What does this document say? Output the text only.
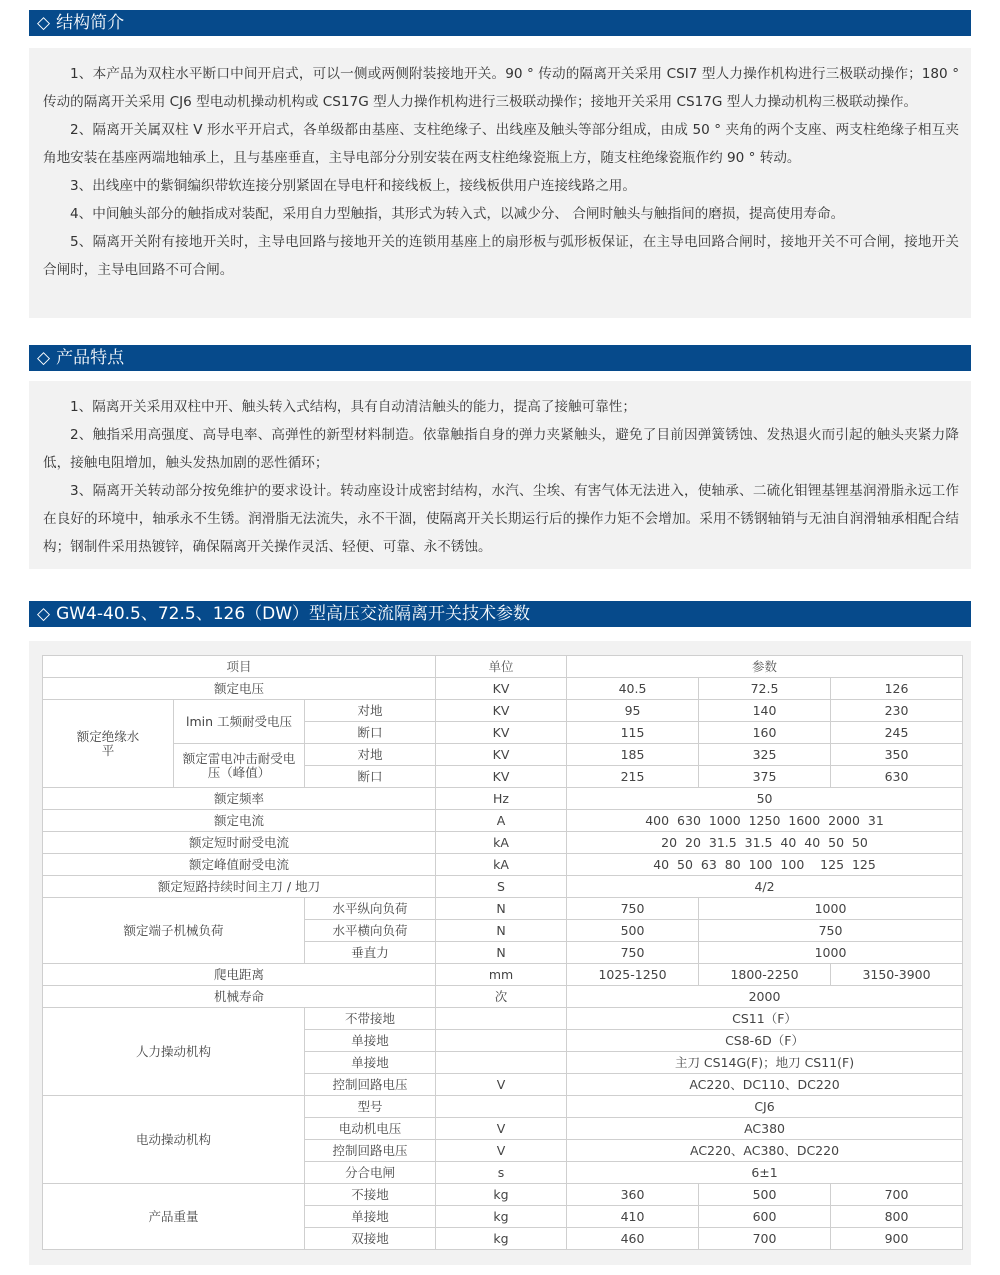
◇ 结构简介

1、本产品为双柱水平断口中间开启式，可以一侧或两侧附装接地开关。90 ° 传动的隔离开关采用 CSI7 型人力操作机构进行三极联动操作；180 ° 传动的隔离开关采用 CJ6 型电动机操动机构或 CS17G 型人力操作机构进行三极联动操作；接地开关采用 CS17G 型人力操动机构三极联动操作。

2、隔离开关属双柱 V 形水平开启式，各单级都由基座、支柱绝缘子、出线座及触头等部分组成，由成 50 ° 夹角的两个支座、两支柱绝缘子相互夹角地安装在基座两端地轴承上，且与基座垂直，主导电部分分别安装在两支柱绝缘瓷瓶上方，随支柱绝缘瓷瓶作约 90 ° 转动。

3、出线座中的紫铜编织带软连接分别紧固在导电杆和接线板上，接线板供用户连接线路之用。

4、中间触头部分的触指成对装配，采用自力型触指，其形式为转入式，以减少分、 合闸时触头与触指间的磨损，提高使用寿命。

5、隔离开关附有接地开关时，主导电回路与接地开关的连锁用基座上的扇形板与弧形板保证，在主导电回路合闸时，接地开关不可合闸，接地开关合闸时，主导电回路不可合闸。

◇ 产品特点

1、隔离开关采用双柱中开、触头转入式结构，具有自动清洁触头的能力，提高了接触可靠性；

2、触指采用高强度、高导电率、高弹性的新型材料制造。依靠触指自身的弹力夹紧触头，避免了目前因弹簧锈蚀、发热退火而引起的触头夹紧力降低，接触电阻增加，触头发热加剧的恶性循环；

3、隔离开关转动部分按免维护的要求设计。转动座设计成密封结构，水汽、尘埃、有害气体无法进入，使轴承、二硫化钼锂基锂基润滑脂永远工作在良好的环境中，轴承永不生锈。润滑脂无法流失，永不干涸，使隔离开关长期运行后的操作力矩不会增加。采用不锈钢轴销与无油自润滑轴承相配合结构；钢制件采用热镀锌，确保隔离开关操作灵活、轻便、可靠、永不锈蚀。

◇ GW4-40.5、72.5、126（DW）型高压交流隔离开关技术参数
项目			单位	参数		
额定电压			KV	40.5	72.5	126
额定绝缘水平	lmin 工频耐受电压	对地	KV	95	140	230
		断口	KV	115	160	245
	额定雷电冲击耐受电压（峰值）	对地	KV	185	325	350
		断口	KV	215	375	630
额定频率			Hz	50		
额定电流			A	400  630  1000  1250  1600  2000  31		
额定短时耐受电流			kA	20  20  31.5  31.5  40  40  50  50		
额定峰值耐受电流			kA	40  50  63  80  100  100    125  125		
额定短路持续时间主刀 / 地刀			S	4/2		
额定端子机械负荷		水平纵向负荷	N	750	1000	
		水平横向负荷	N	500	750	
		垂直力	N	750	1000	
爬电距离			mm	1025-1250	1800-2250	3150-3900
机械寿命			次	2000		
人力操动机构		不带接地		CS11（F）		
		单接地		CS8-6D（F）		
		单接地		主刀 CS14G(F)；地刀 CS11(F)		
		控制回路电压	V	AC220、DC110、DC220		
电动操动机构		型号		CJ6		
		电动机电压	V	AC380		
		控制回路电压	V	AC220、AC380、DC220		
		分合电闸	s	6±1		
产品重量		不接地	kg	360	500	700
		单接地	kg	410	600	800
		双接地	kg	460	700	900
